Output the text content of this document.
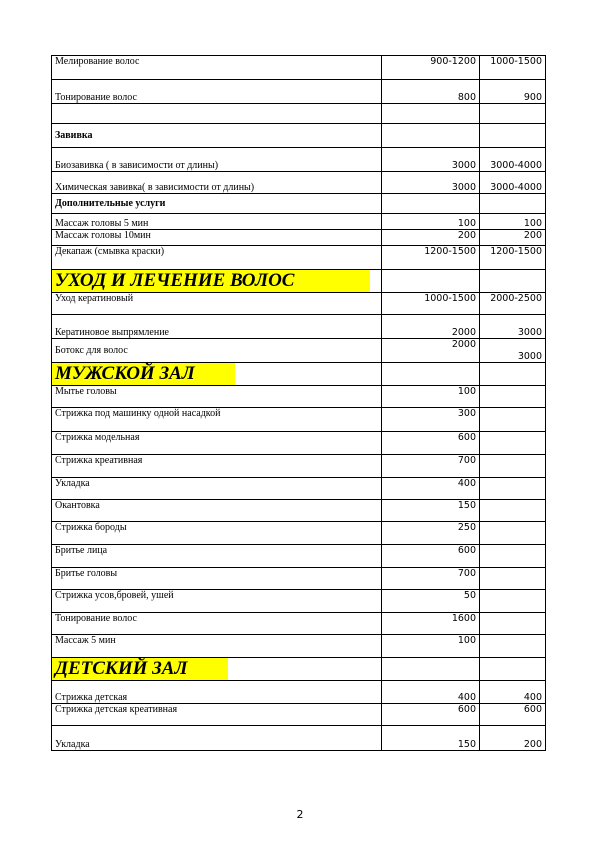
Мелирование волос	900-1200	1000-1500
Тонирование волос	800	900

Завивка		
Биозавивка ( в зависимости от длины)	3000	3000-4000
Химическая завивка( в зависимости от длины)	3000	3000-4000
Дополнительные услуги		
Массаж головы 5 мин	100	100
Массаж головы 10мин	200	200
Декапаж (смывка краски)	1200-1500	1200-1500
УХОД И ЛЕЧЕНИЕ ВОЛОС		
Уход кератиновый	1000-1500	2000-2500
Кератиновое выпрямление	2000	3000
Ботокс для волос	2000	3000
МУЖСКОЙ ЗАЛ		
Мытье головы	100	
Стрижка под машинку одной насадкой	300	
Стрижка модельная	600	
Стрижка креативная	700	
Укладка	400	
Окантовка	150	
Стрижка бороды	250	
Бритье лица	600	
Бритье головы	700	
Стрижка усов,бровей, ушей	50	
Тонирование волос	1600	
Массаж 5 мин	100	
ДЕТСКИЙ ЗАЛ		
Стрижка детская	400	400
Стрижка детская креативная	600	600
Укладка	150	200
2
